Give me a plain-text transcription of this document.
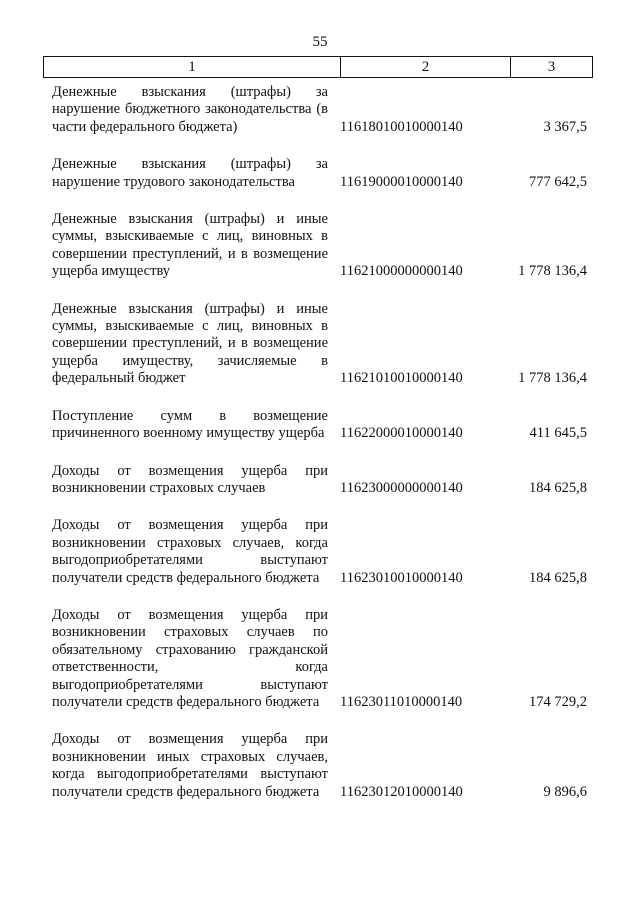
55
1	2	3
Денежные взыскания (штрафы) за нарушение бюджетного законодательства (в части федерального бюджета)	11618010010000140	3 367,5
Денежные взыскания (штрафы) за нарушение трудового законодательства	11619000010000140	777 642,5
Денежные взыскания (штрафы) и иные суммы, взыскиваемые с лиц, виновных в совершении преступлений, и в возмещение ущерба имуществу	11621000000000140	1 778 136,4
Денежные взыскания (штрафы) и иные суммы, взыскиваемые с лиц, виновных в совершении преступлений, и в возмещение ущерба имуществу, зачисляемые в федеральный бюджет	11621010010000140	1 778 136,4
Поступление сумм в возмещение причиненного военному имуществу ущерба 11622000010000140	411 645,5
Доходы от возмещения ущерба при возникновении страховых случаев	11623000000000140	184 625,8
Доходы от возмещения ущерба при возникновении страховых случаев, когда выгодоприобретателями выступают получатели средств федерального бюджета	11623010010000140	184 625,8
Доходы от возмещения ущерба при возникновении страховых случаев по обязательному страхованию гражданской ответственности, когда выгодоприобретателями выступают получатели средств федерального бюджета	11623011010000140	174 729,2
Доходы от возмещения ущерба при возникновении иных страховых случаев, когда выгодоприобретателями выступают получатели средств федерального бюджета	11623012010000140	9 896,6
